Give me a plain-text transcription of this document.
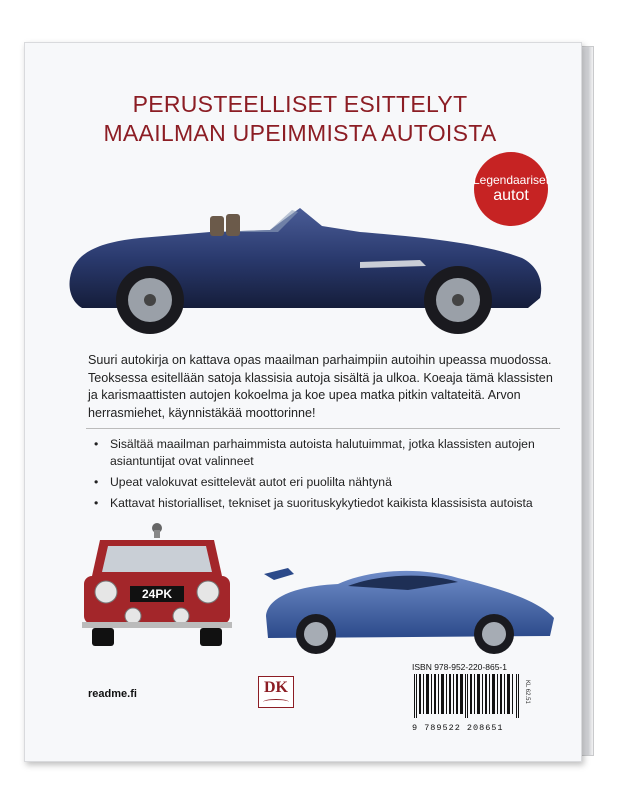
PERUSTEELLISET ESITTELYT
MAAILMAN UPEIMMISTA AUTOISTA
Legendaariset
autot
Suuri autokirja on kattava opas maailman parhaimpiin autoihin upeassa muodossa. Teoksessa esitellään satoja klassisia autoja sisältä ja ulkoa. Koeaja tämä klassisten ja karismaattisten autojen kokoelma ja koe upea matka pitkin valtateitä. Arvon herrasmiehet, käynnistäkää moottorinne!
• Sisältää maailman parhaimmista autoista halutuimmat, jotka klassisten autojen asiantuntijat ovat valinneet
• Upeat valokuvat esittelevät autot eri puolilta nähtynä
• Kattavat historialliset, tekniset ja suorituskykytiedot kaikista klassisista autoista
24PK
readme.fi	DK
ISBN 978-952-220-865-1
9 789522 208651
KL 62.51
